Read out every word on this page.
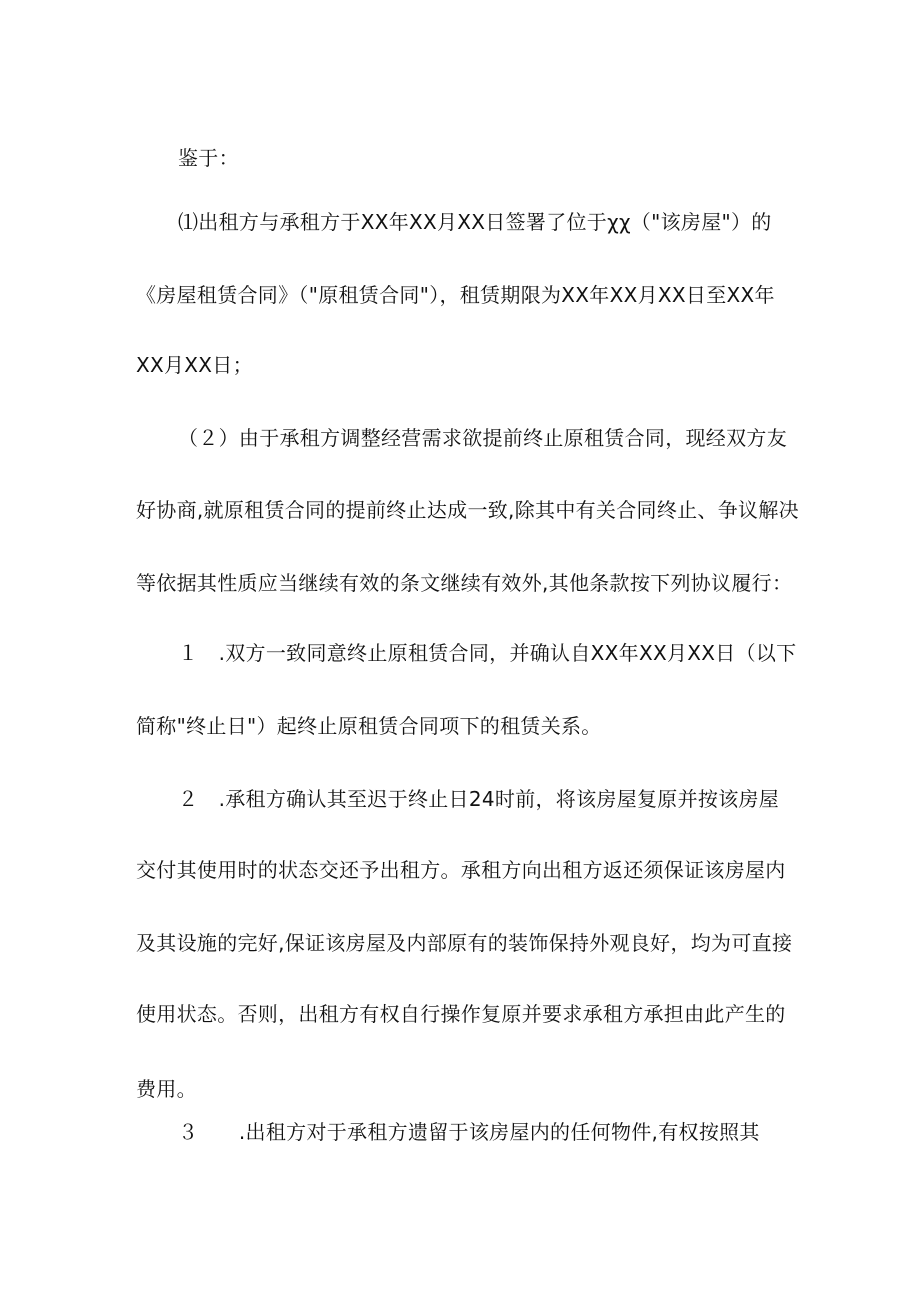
鉴于：
⑴出租方与承租方于XX年XX月XX日签署了位于χχ（"该房屋"）的
《房屋租赁合同》（"原租赁合同"），租赁期限为XX年XX月XX日至XX年
XX月XX日；
（２）由于承租方调整经营需求欲提前终止原租赁合同，现经双方友
好协商,就原租赁合同的提前终止达成一致,除其中有关合同终止、争议解决
等依据其性质应当继续有效的条文继续有效外,其他条款按下列协议履行：
１　.双方一致同意终止原租赁合同，并确认自XX年XX月XX日（以下
简称"终止日"）起终止原租赁合同项下的租赁关系。
２　.承租方确认其至迟于终止日24时前，将该房屋复原并按该房屋
交付其使用时的状态交还予出租方。承租方向出租方返还须保证该房屋内
及其设施的完好,保证该房屋及内部原有的装饰保持外观良好，均为可直接
使用状态。否则，出租方有权自行操作复原并要求承租方承担由此产生的
费用。
３　　.出租方对于承租方遗留于该房屋内的任何物件,有权按照其
